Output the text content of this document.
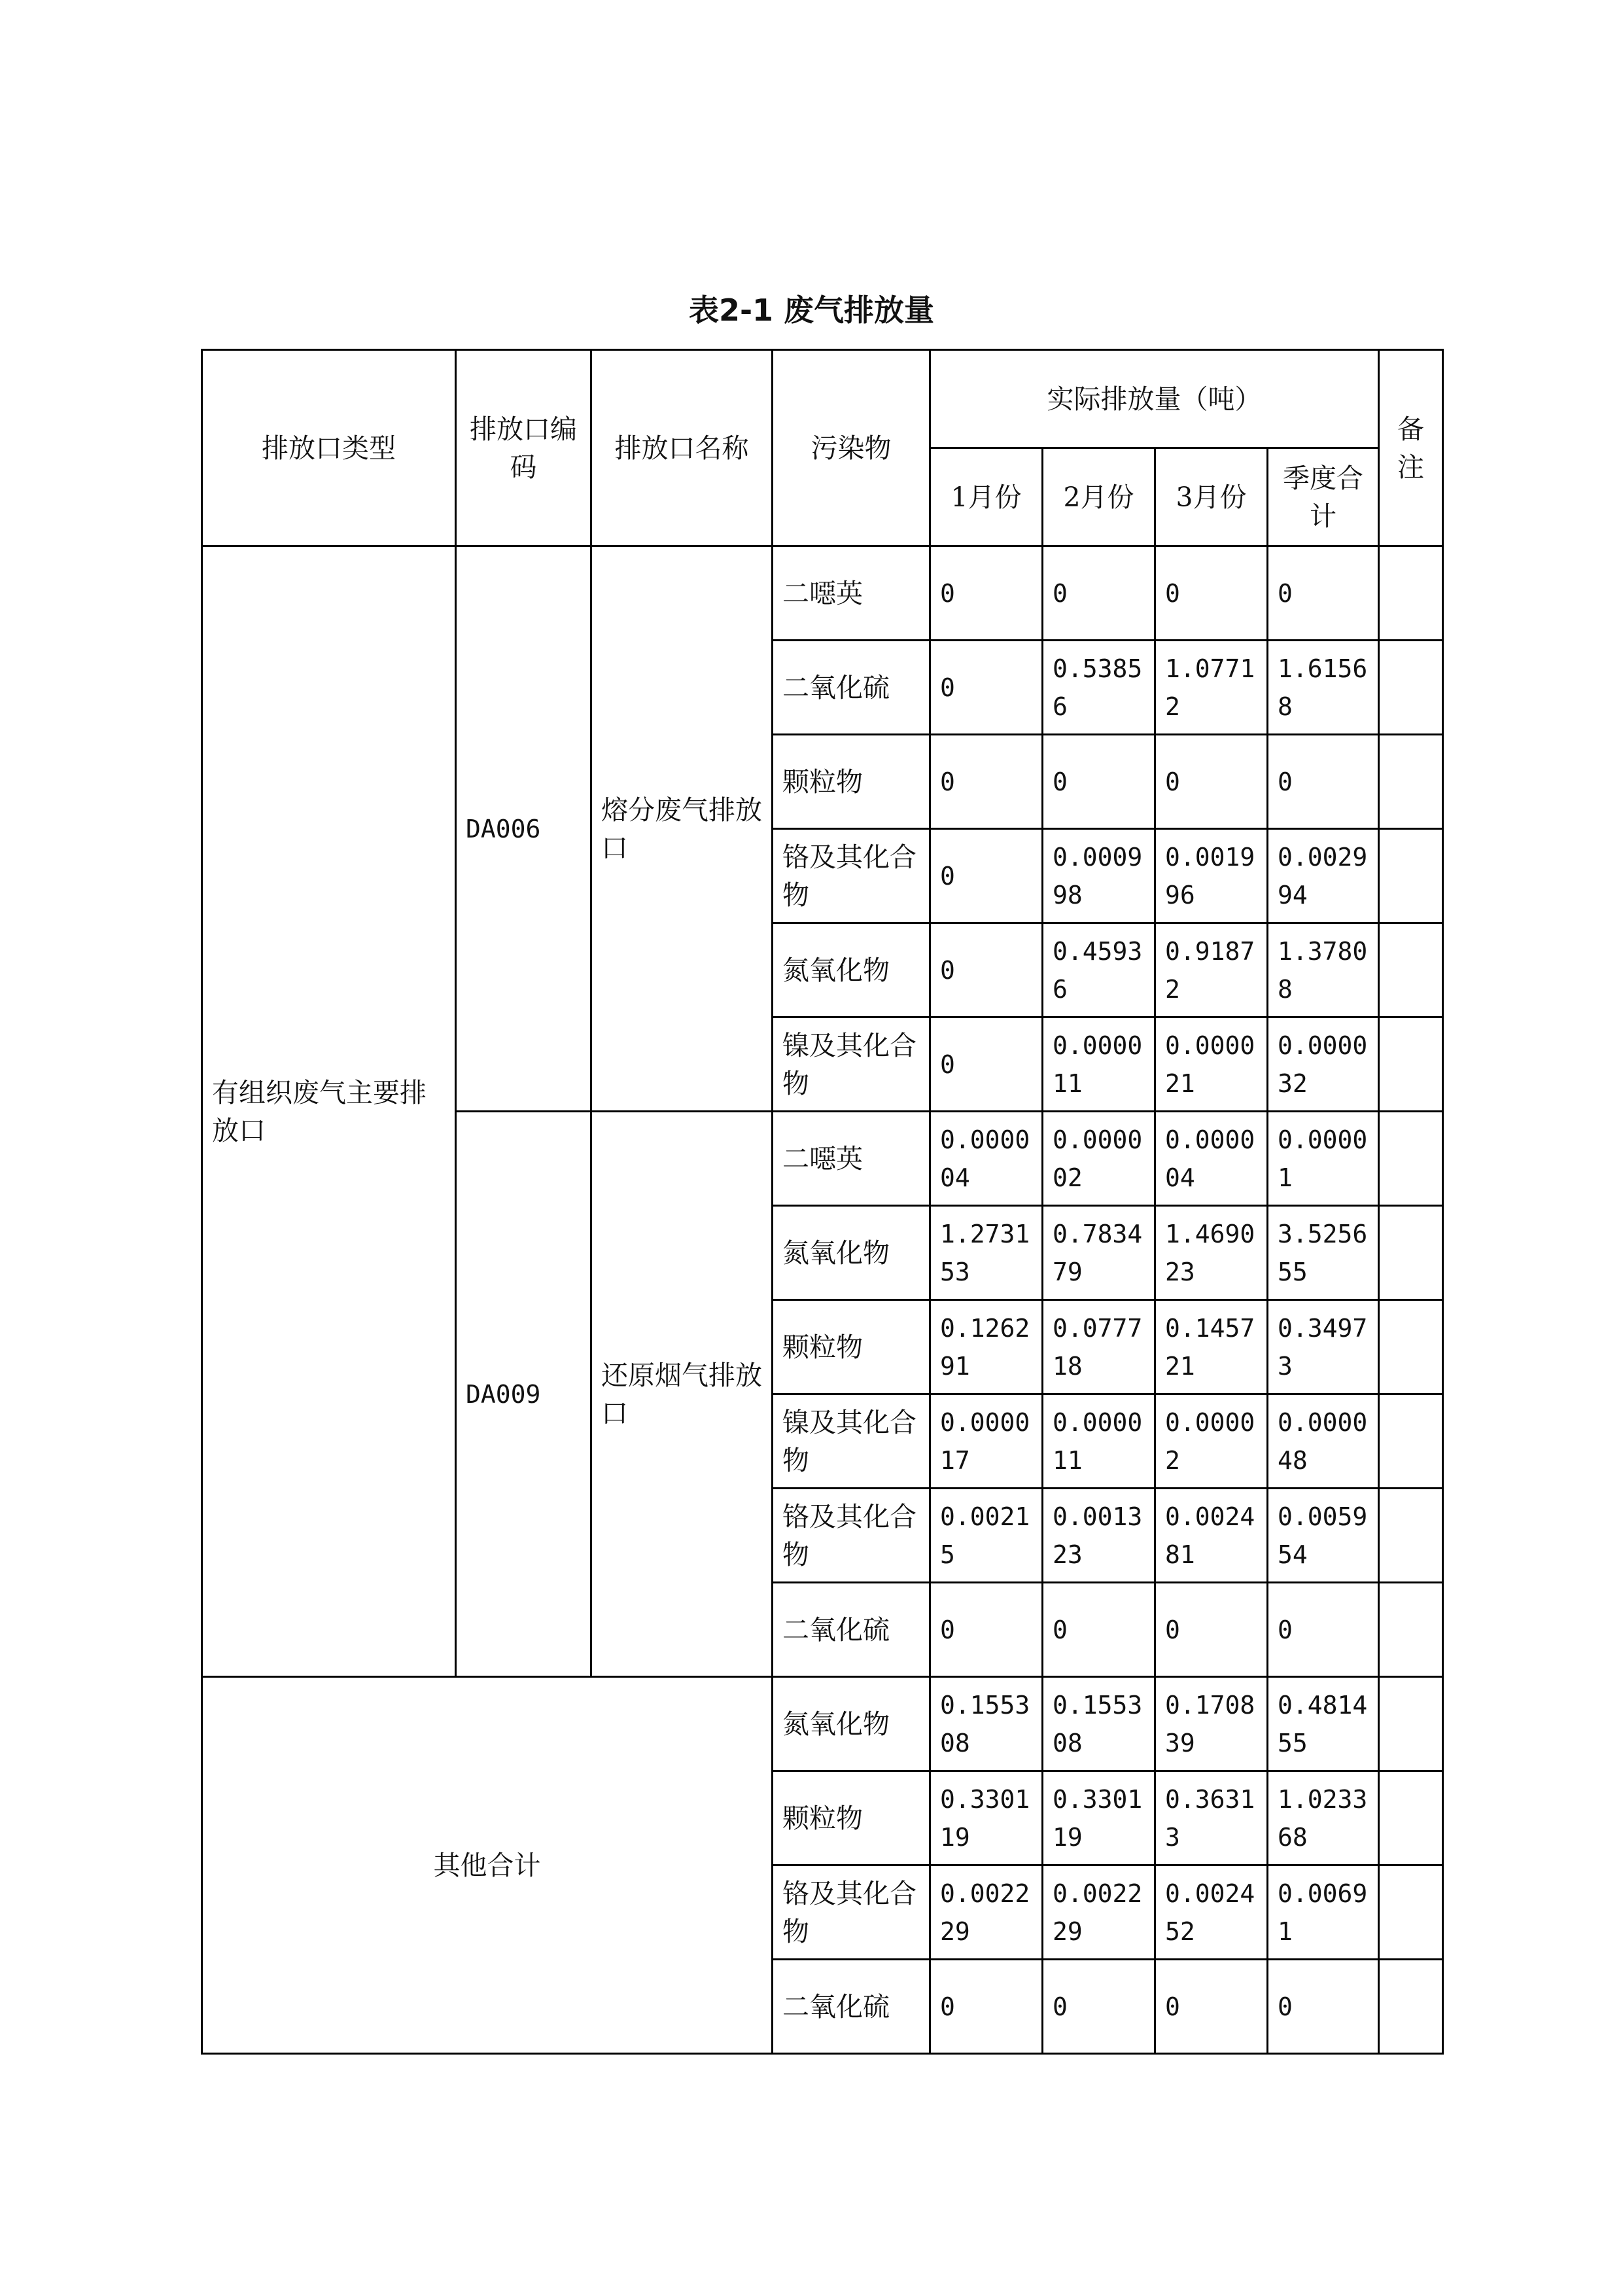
表2-1 废气排放量
排放口类型	排放口编码	排放口名称	污染物	实际排放量（吨）				备注
				1月份	2月份	3月份	季度合计	
有组织废气主要排放口	DA006	熔分废气排放口	二噁英	0	0	0	0	
			二氧化硫	0	0.53856	1.07712	1.61568	
			颗粒物	0	0	0	0	
			铬及其化合物	0	0.000998	0.001996	0.002994	
			氮氧化物	0	0.45936	0.91872	1.37808	
			镍及其化合物	0	0.000011	0.000021	0.000032	
	DA009	还原烟气排放口	二噁英	0.000004	0.000002	0.000004	0.00001	
			氮氧化物	1.273153	0.783479	1.469023	3.525655	
			颗粒物	0.126291	0.077718	0.145721	0.34973	
			镍及其化合物	0.000017	0.000011	0.00002	0.000048	
			铬及其化合物	0.00215	0.001323	0.002481	0.005954	
			二氧化硫	0	0	0	0	
其他合计			氮氧化物	0.155308	0.155308	0.170839	0.481455	
			颗粒物	0.330119	0.330119	0.36313	1.023368	
			铬及其化合物	0.002229	0.002229	0.002452	0.00691	
			二氧化硫	0	0	0	0	
